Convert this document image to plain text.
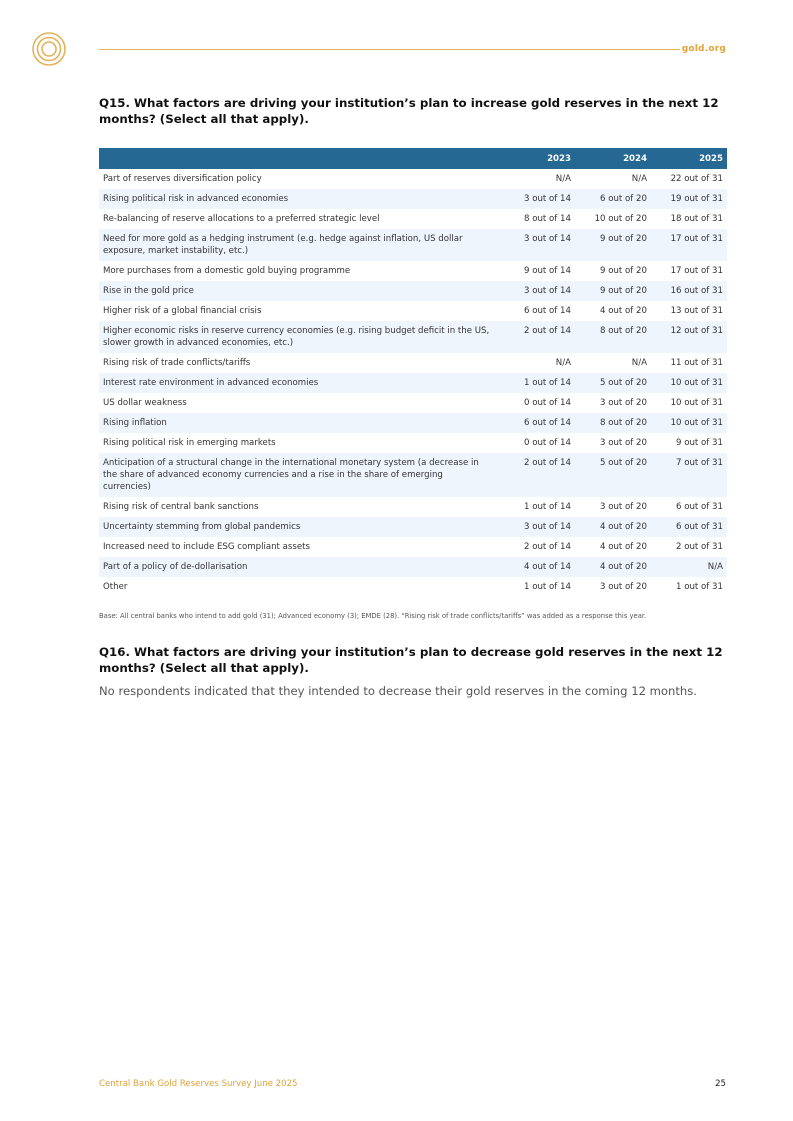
gold.org
Q15. What factors are driving your institution’s plan to increase gold reserves in the next 12 months? (Select all that apply).
	2023	2024	2025
Part of reserves diversification policy	N/A	N/A	22 out of 31
Rising political risk in advanced economies	3 out of 14	6 out of 20	19 out of 31
Re-balancing of reserve allocations to a preferred strategic level	8 out of 14	10 out of 20	18 out of 31
Need for more gold as a hedging instrument (e.g. hedge against inflation, US dollar exposure, market instability, etc.)	3 out of 14	9 out of 20	17 out of 31
More purchases from a domestic gold buying programme	9 out of 14	9 out of 20	17 out of 31
Rise in the gold price	3 out of 14	9 out of 20	16 out of 31
Higher risk of a global financial crisis	6 out of 14	4 out of 20	13 out of 31
Higher economic risks in reserve currency economies (e.g. rising budget deficit in the US, slower growth in advanced economies, etc.)	2 out of 14	8 out of 20	12 out of 31
Rising risk of trade conflicts/tariffs	N/A	N/A	11 out of 31
Interest rate environment in advanced economies	1 out of 14	5 out of 20	10 out of 31
US dollar weakness	0 out of 14	3 out of 20	10 out of 31
Rising inflation	6 out of 14	8 out of 20	10 out of 31
Rising political risk in emerging markets	0 out of 14	3 out of 20	9 out of 31
Anticipation of a structural change in the international monetary system (a decrease in the share of advanced economy currencies and a rise in the share of emerging currencies)	2 out of 14	5 out of 20	7 out of 31
Rising risk of central bank sanctions	1 out of 14	3 out of 20	6 out of 31
Uncertainty stemming from global pandemics	3 out of 14	4 out of 20	6 out of 31
Increased need to include ESG compliant assets	2 out of 14	4 out of 20	2 out of 31
Part of a policy of de-dollarisation	4 out of 14	4 out of 20	N/A
Other	1 out of 14	3 out of 20	1 out of 31
Base: All central banks who intend to add gold (31); Advanced economy (3); EMDE (28). “Rising risk of trade conflicts/tariffs” was added as a response this year.
Q16. What factors are driving your institution’s plan to decrease gold reserves in the next 12 months? (Select all that apply).
No respondents indicated that they intended to decrease their gold reserves in the coming 12 months.
Central Bank Gold Reserves Survey June 2025	25
